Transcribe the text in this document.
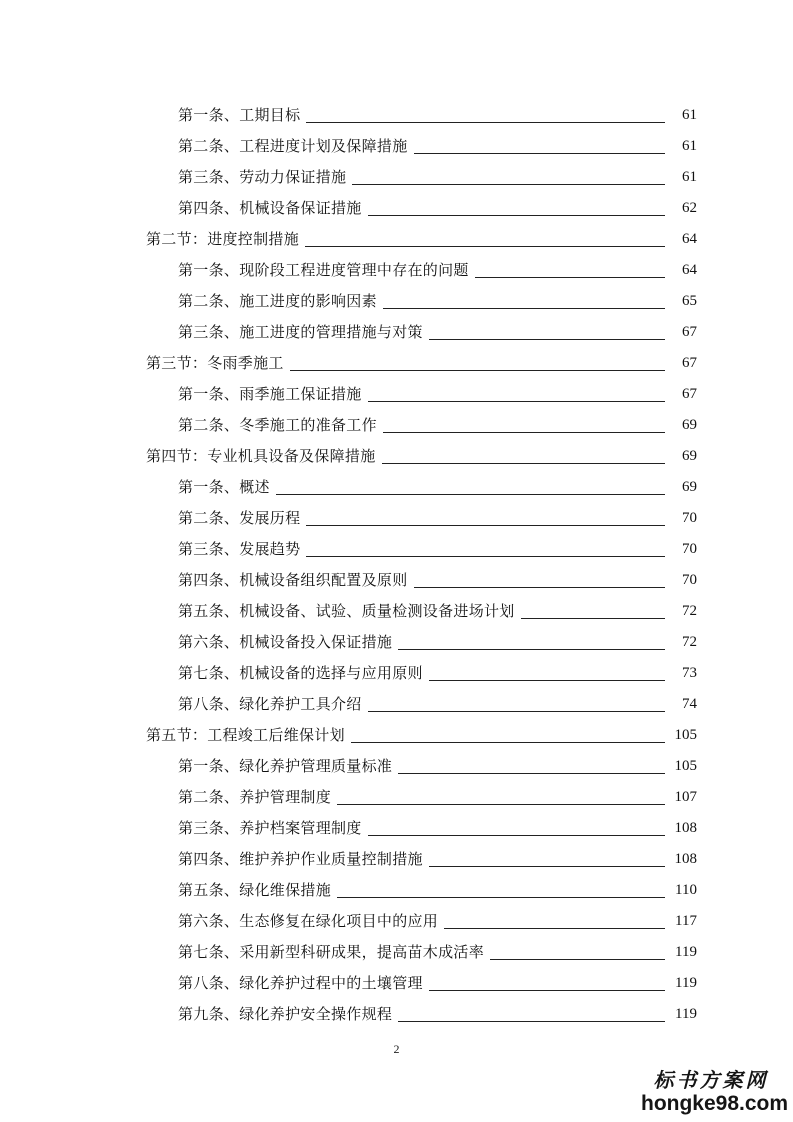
第一条、工期目标	61
第二条、工程进度计划及保障措施	61
第三条、劳动力保证措施	61
第四条、机械设备保证措施	62
第二节：进度控制措施	64
第一条、现阶段工程进度管理中存在的问题	64
第二条、施工进度的影响因素	65
第三条、施工进度的管理措施与对策	67
第三节：冬雨季施工	67
第一条、雨季施工保证措施	67
第二条、冬季施工的准备工作	69
第四节：专业机具设备及保障措施	69
第一条、概述	69
第二条、发展历程	70
第三条、发展趋势	70
第四条、机械设备组织配置及原则	70
第五条、机械设备、试验、质量检测设备进场计划	72
第六条、机械设备投入保证措施	72
第七条、机械设备的选择与应用原则	73
第八条、绿化养护工具介绍	74
第五节：工程竣工后维保计划	105
第一条、绿化养护管理质量标准	105
第二条、养护管理制度	107
第三条、养护档案管理制度	108
第四条、维护养护作业质量控制措施	108
第五条、绿化维保措施	110
第六条、生态修复在绿化项目中的应用	117
第七条、采用新型科研成果，提高苗木成活率	119
第八条、绿化养护过程中的土壤管理	119
第九条、绿化养护安全操作规程	119
2
标书方案网
hongke98.com
